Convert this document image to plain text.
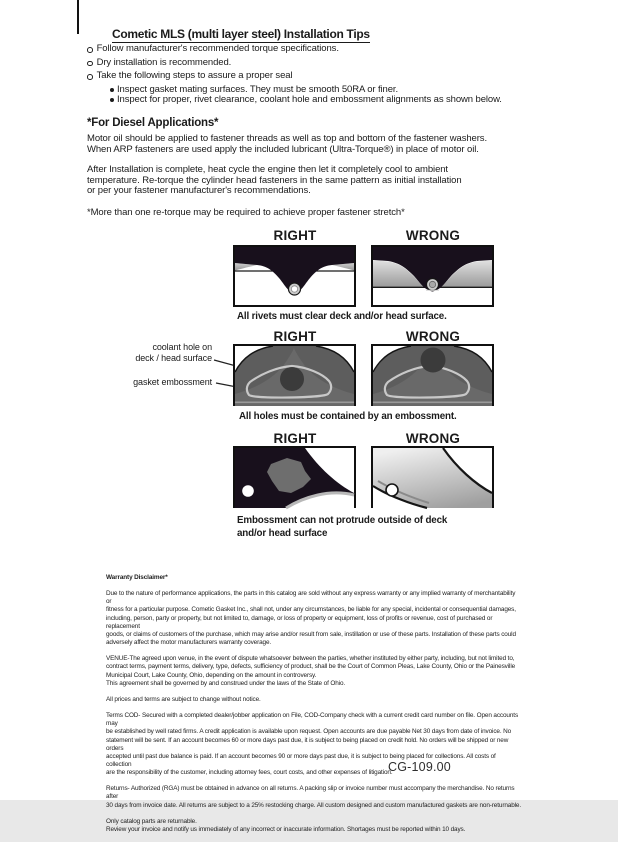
Cometic MLS (multi layer steel) Installation Tips
Follow manufacturer's recommended torque specifications.
Dry installation is recommended.
Take the following steps to assure a proper seal
Inspect gasket mating surfaces. They must be smooth 50RA or finer.
Inspect for proper, rivet clearance, coolant hole and embossment alignments as shown below.
*For Diesel Applications*
Motor oil should be applied to fastener threads as well as top and bottom of the fastener washers.
When ARP fasteners are used apply the included lubricant (Ultra-Torque®) in place of motor oil.
After Installation is complete, heat cycle the engine then let it completely cool to ambient
temperature. Re-torque the cylinder head fasteners in the same pattern as initial installation
or per your fastener manufacturer's recommendations.
*More than one re-torque may be required to achieve proper fastener stretch*
RIGHT	WRONG
All rivets must clear deck and/or head surface.
RIGHT	WRONG
coolant hole on
deck / head surface
gasket embossment
All holes must be contained by an embossment.
RIGHT	WRONG
Embossment can not protrude outside of deck
and/or head surface
Warranty Disclaimer*
Due to the nature of performance applications, the parts in this catalog are sold without any express warranty or any implied warranty of merchantability or
fitness for a particular purpose. Cometic Gasket Inc., shall not, under any circumstances, be liable for any special, incidental or consequential damages,
including, person, party or property, but not limited to, damage, or loss of property or equipment, loss of profits or revenue, cost of purchased or replacement
goods, or claims of customers of the purchase, which may arise and/or result from sale, instillation or use of these parts. Installation of these parts could
adversely affect the motor manufacturers warranty coverage.
VENUE-The agreed upon venue, in the event of dispute whatsoever between the parties, whether instituted by either party, including, but not limited to,
contract terms, payment terms, delivery, type, defects, sufficiency of product, shall be the Court of Common Pleas, Lake County, Ohio or the Painesville
Municipal Court, Lake County, Ohio, depending on the amount in controversy.
This agreement shall be governed by and construed under the laws of the State of Ohio.
All prices and terms are subject to change without notice.
Terms COD- Secured with a completed dealer/jobber application on File, COD-Company check with a current credit card number on file. Open accounts may
be established by well rated firms. A credit application is available upon request. Open accounts are due payable Net 30 days from date of invoice. No
statement will be sent. If an account becomes 60 or more days past due, it is subject to being placed on credit hold. No orders will be shipped or new orders
accepted until past due balance is paid. If an account becomes 90 or more days past due, it is subject to being placed for collections. All costs of collection
are the responsibility of the customer, including attorney fees, court costs, and other expenses of litigation.
Returns- Authorized (RGA) must be obtained in advance on all returns. A packing slip or invoice number must accompany the merchandise. No returns after
30 days from invoice date. All returns are subject to a 25% restocking charge. All custom designed and custom manufactured gaskets are non-returnable.
Only catalog parts are returnable.
Review your invoice and notify us immediately of any incorrect or inaccurate information. Shortages must be reported within 10 days.
CG-109.00
